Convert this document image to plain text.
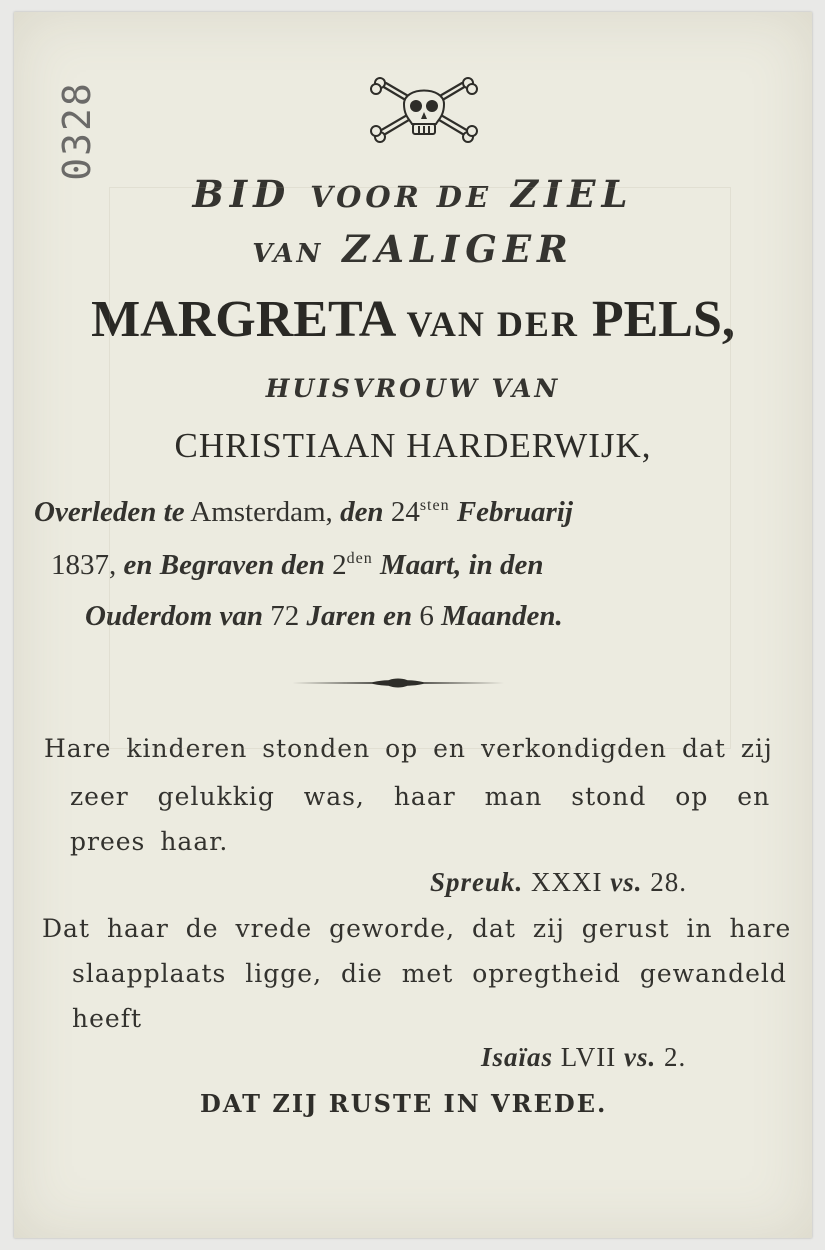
0328
BID VOOR DE ZIEL
VAN ZALIGER
MARGRETA VAN DER PELS,
HUISVROUW VAN
CHRISTIAAN HARDERWIJK,
Overleden te Amsterdam, den $24^{sten}$ Februarij
1837, en Begraven den $2^{den}$ Maart, in den
Ouderdom van 72 Jaren en 6 Maanden.
Hare kinderen stonden op en verkondigden dat zij
zeer gelukkig was, haar man stond op en
prees haar.
Spreuk. XXXI vs. 28.
Dat haar de vrede geworde, dat zij gerust in hare
slaapplaats ligge, die met opregtheid gewandeld
heeft
Isaïas LVII vs. 2.
DAT ZIJ RUSTE IN VREDE.
